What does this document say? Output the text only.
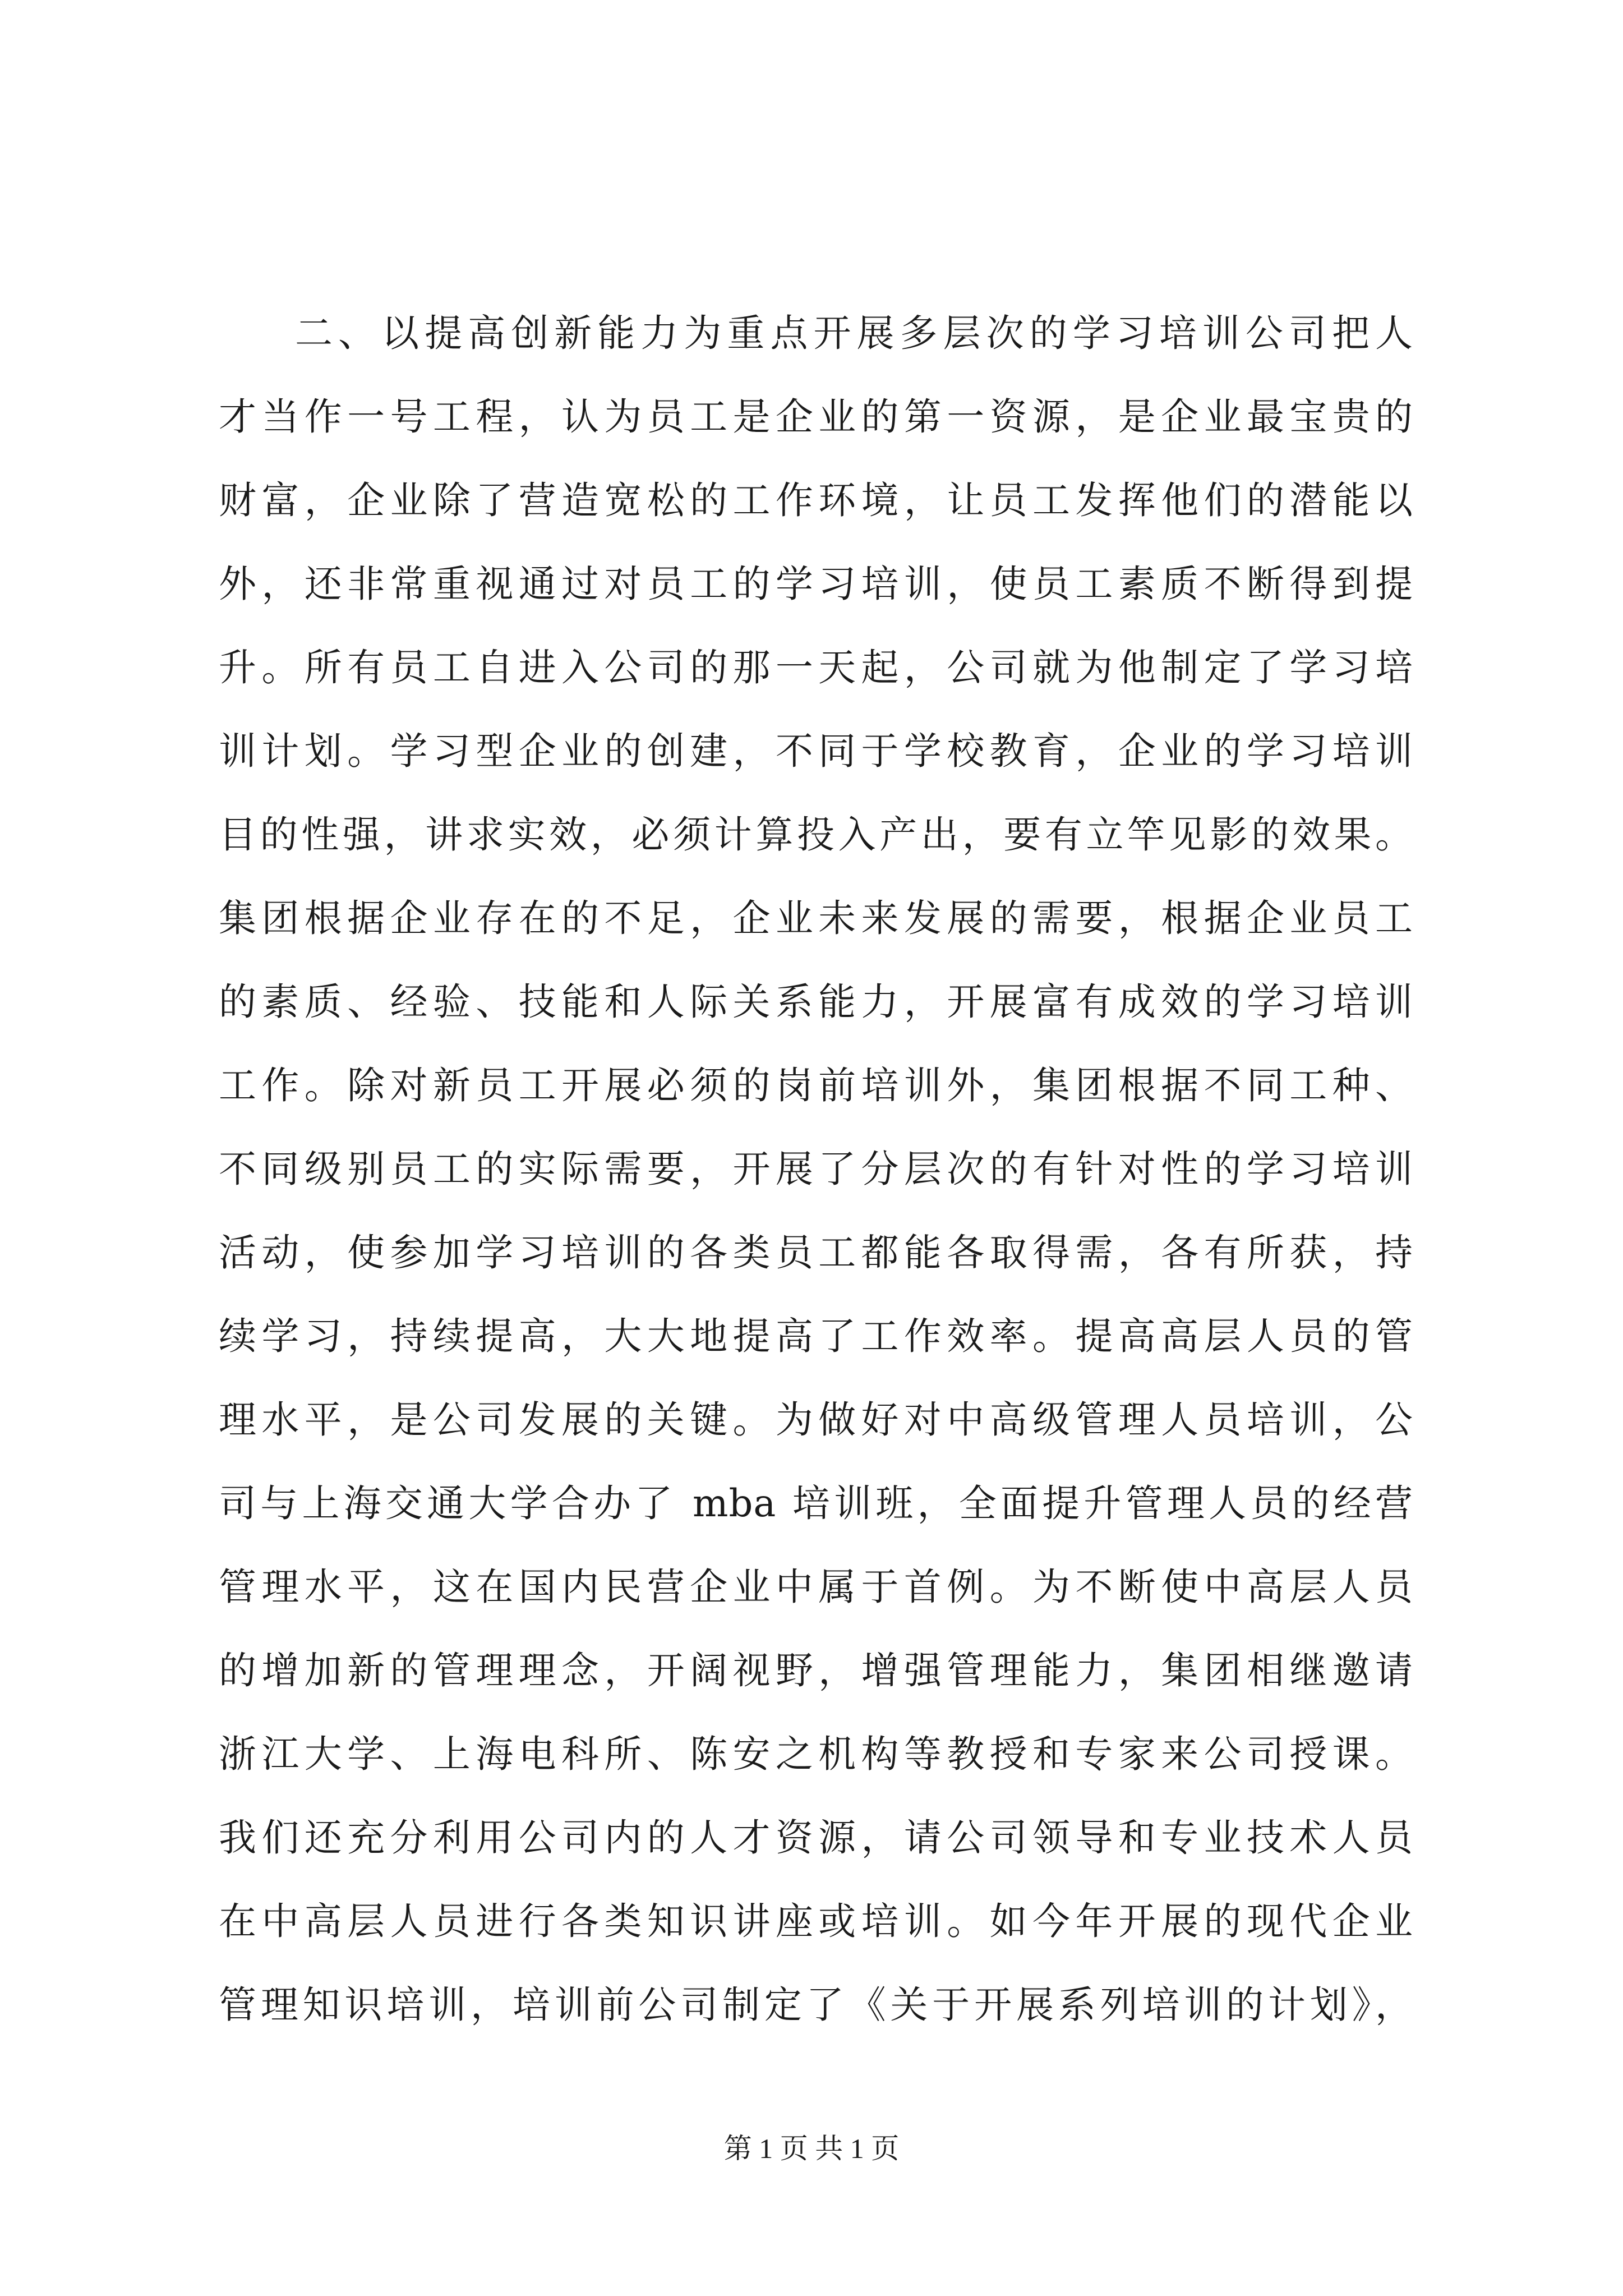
二、以提高创新能力为重点开展多层次的学习培训公司把人
才当作一号工程，认为员工是企业的第一资源，是企业最宝贵的
财富，企业除了营造宽松的工作环境，让员工发挥他们的潜能以
外，还非常重视通过对员工的学习培训，使员工素质不断得到提
升。所有员工自进入公司的那一天起，公司就为他制定了学习培
训计划。学习型企业的创建，不同于学校教育，企业的学习培训
目的性强，讲求实效，必须计算投入产出，要有立竿见影的效果。
集团根据企业存在的不足，企业未来发展的需要，根据企业员工
的素质、经验、技能和人际关系能力，开展富有成效的学习培训
工作。除对新员工开展必须的岗前培训外，集团根据不同工种、
不同级别员工的实际需要，开展了分层次的有针对性的学习培训
活动，使参加学习培训的各类员工都能各取得需，各有所获，持
续学习，持续提高，大大地提高了工作效率。提高高层人员的管
理水平，是公司发展的关键。为做好对中高级管理人员培训，公
司与上海交通大学合办了 mba 培训班，全面提升管理人员的经营
管理水平，这在国内民营企业中属于首例。为不断使中高层人员
的增加新的管理理念，开阔视野，增强管理能力，集团相继邀请
浙江大学、上海电科所、陈安之机构等教授和专家来公司授课。
我们还充分利用公司内的人才资源，请公司领导和专业技术人员
在中高层人员进行各类知识讲座或培训。如今年开展的现代企业
管理知识培训，培训前公司制定了《关于开展系列培训的计划》，
第 1 页 共 1 页
